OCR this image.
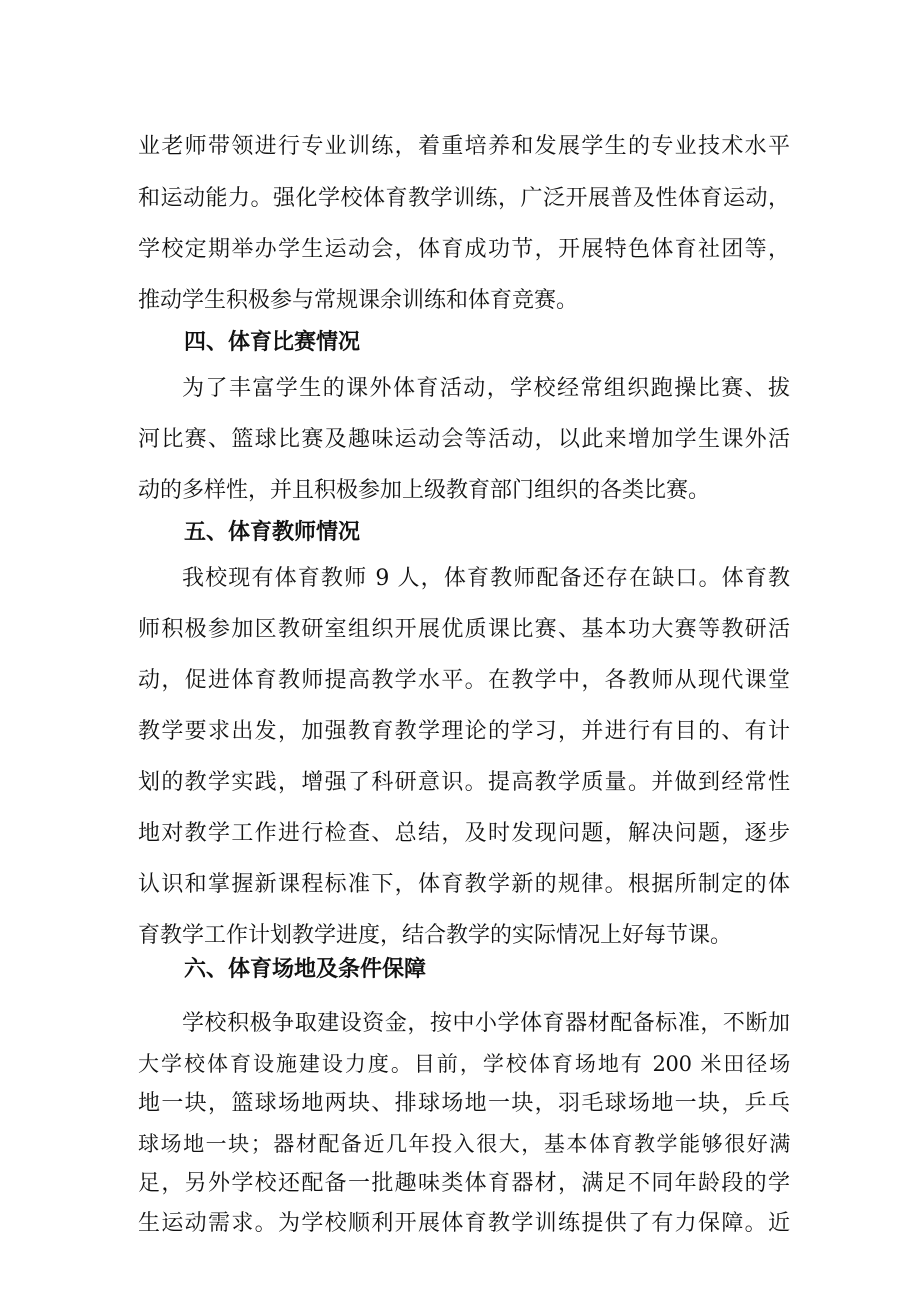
业老师带领进行专业训练，着重培养和发展学生的专业技术水平
和运动能力。强化学校体育教学训练，广泛开展普及性体育运动，
学校定期举办学生运动会，体育成功节，开展特色体育社团等，
推动学生积极参与常规课余训练和体育竞赛。
四、体育比赛情况
为了丰富学生的课外体育活动，学校经常组织跑操比赛、拔
河比赛、篮球比赛及趣味运动会等活动，以此来增加学生课外活
动的多样性，并且积极参加上级教育部门组织的各类比赛。
五、体育教师情况
我校现有体育教师 9 人，体育教师配备还存在缺口。体育教
师积极参加区教研室组织开展优质课比赛、基本功大赛等教研活
动，促进体育教师提高教学水平。在教学中，各教师从现代课堂
教学要求出发，加强教育教学理论的学习，并进行有目的、有计
划的教学实践，增强了科研意识。提高教学质量。并做到经常性
地对教学工作进行检查、总结，及时发现问题，解决问题，逐步
认识和掌握新课程标准下，体育教学新的规律。根据所制定的体
育教学工作计划教学进度，结合教学的实际情况上好每节课。
六、体育场地及条件保障
学校积极争取建设资金，按中小学体育器材配备标准，不断加
大学校体育设施建设力度。目前，学校体育场地有 200 米田径场
地一块，篮球场地两块、排球场地一块，羽毛球场地一块，乒乓
球场地一块；器材配备近几年投入很大，基本体育教学能够很好满
足，另外学校还配备一批趣味类体育器材，满足不同年龄段的学
生运动需求。为学校顺利开展体育教学训练提供了有力保障。近
